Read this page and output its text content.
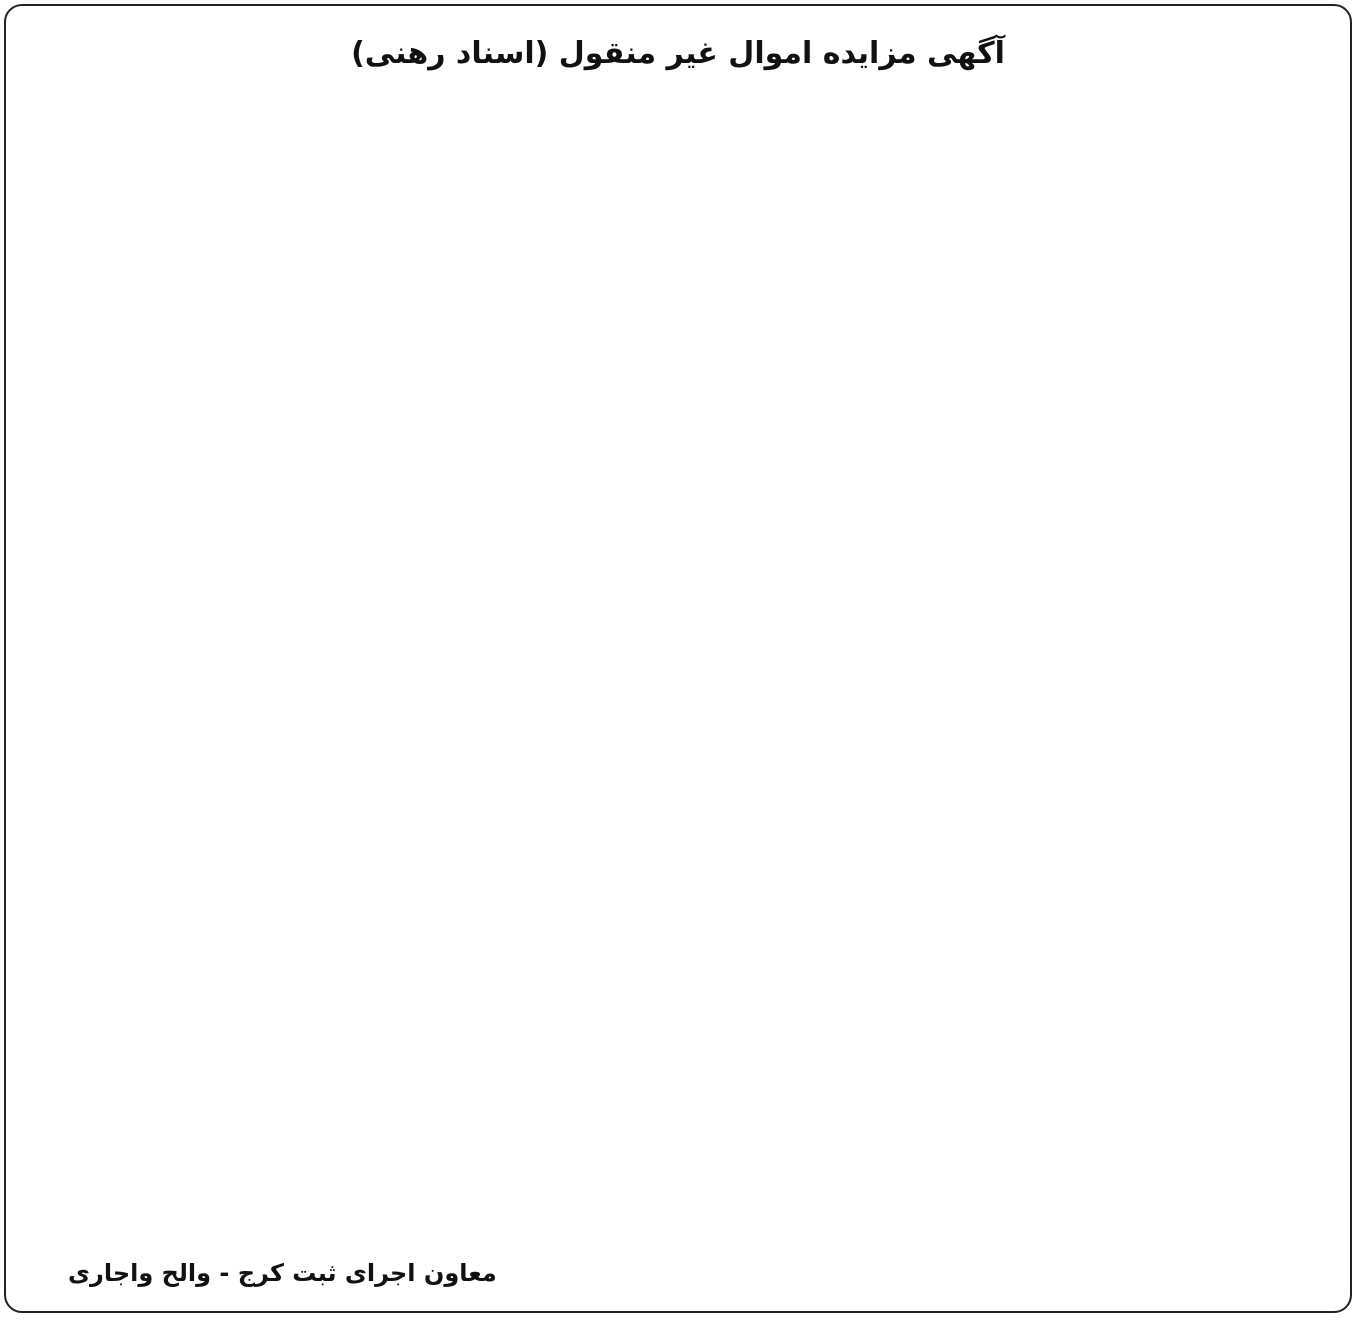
آگهی مزایده اموال غیر منقول (اسناد رهنی)
معاون اجرای ثبت کرج - والح واجاری
